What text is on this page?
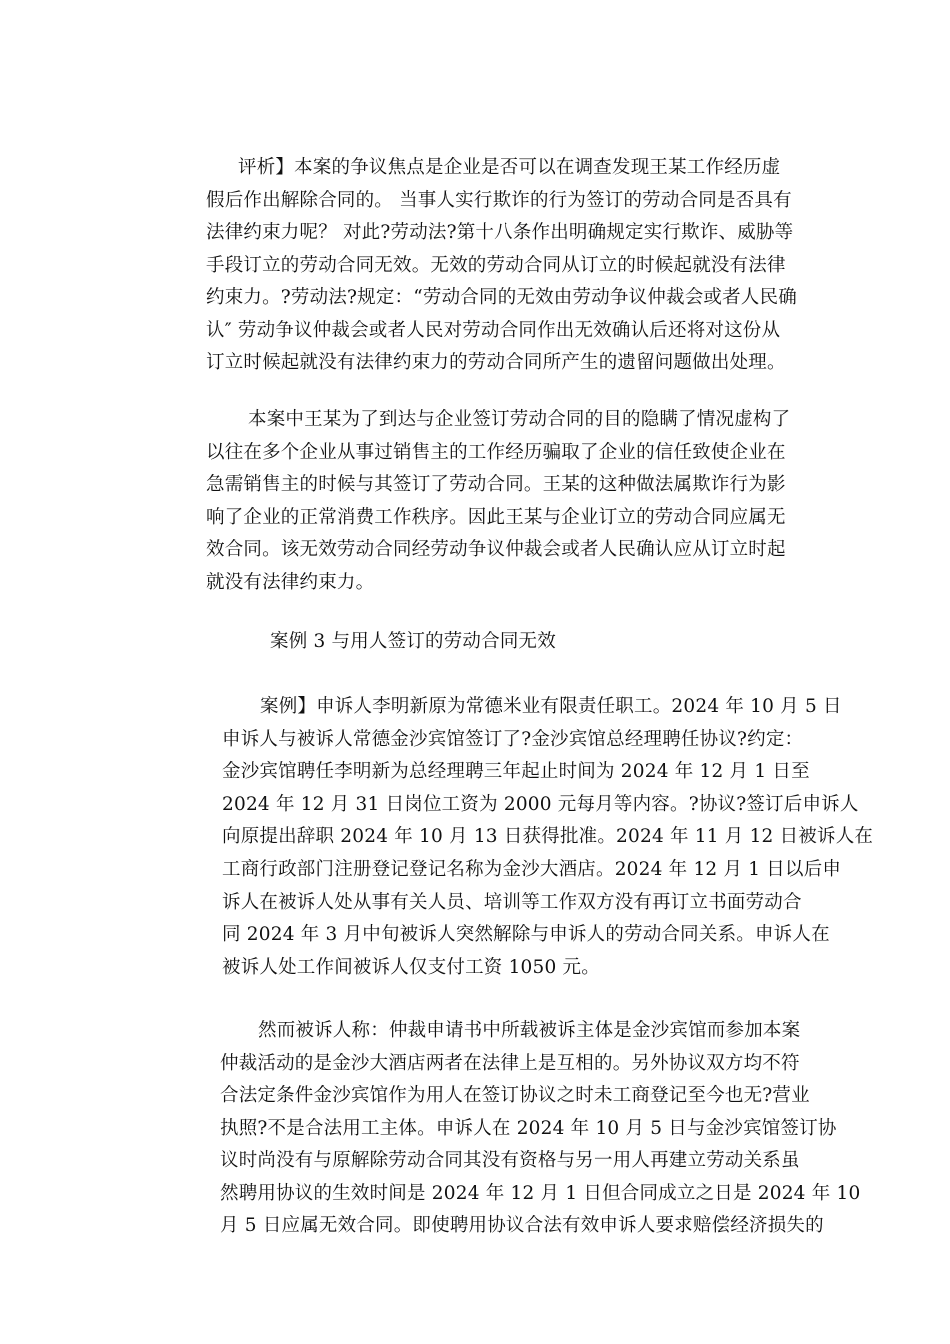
评析】本案的争议焦点是企业是否可以在调查发现王某工作经历虚
假后作出解除合同的。 当事人实行欺诈的行为签订的劳动合同是否具有
法律约束力呢？ 对此?劳动法?第十八条作出明确规定实行欺诈、威胁等
手段订立的劳动合同无效。无效的劳动合同从订立的时候起就没有法律
约束力。?劳动法?规定：“劳动合同的无效由劳动争议仲裁会或者人民确
认″ 劳动争议仲裁会或者人民对劳动合同作出无效确认后还将对这份从
订立时候起就没有法律约束力的劳动合同所产生的遗留问题做出处理。
本案中王某为了到达与企业签订劳动合同的目的隐瞒了情况虚构了
以往在多个企业从事过销售主的工作经历骗取了企业的信任致使企业在
急需销售主的时候与其签订了劳动合同。王某的这种做法属欺诈行为影
响了企业的正常消费工作秩序。因此王某与企业订立的劳动合同应属无
效合同。该无效劳动合同经劳动争议仲裁会或者人民确认应从订立时起
就没有法律约束力。
案例 3 与用人签订的劳动合同无效
案例】申诉人李明新原为常德米业有限责任职工。2024 年 10 月 5 日
申诉人与被诉人常德金沙宾馆签订了?金沙宾馆总经理聘任协议?约定：
金沙宾馆聘任李明新为总经理聘三年起止时间为 2024 年 12 月 1 日至
2024 年 12 月 31 日岗位工资为 2000 元每月等内容。?协议?签订后申诉人
向原提出辞职 2024 年 10 月 13 日获得批准。2024 年 11 月 12 日被诉人在
工商行政部门注册登记登记名称为金沙大酒店。2024 年 12 月 1 日以后申
诉人在被诉人处从事有关人员、培训等工作双方没有再订立书面劳动合
同 2024 年 3 月中旬被诉人突然解除与申诉人的劳动合同关系。申诉人在
被诉人处工作间被诉人仅支付工资 1050 元。
然而被诉人称：仲裁申请书中所载被诉主体是金沙宾馆而参加本案
仲裁活动的是金沙大酒店两者在法律上是互相的。另外协议双方均不符
合法定条件金沙宾馆作为用人在签订协议之时未工商登记至今也无?营业
执照?不是合法用工主体。申诉人在 2024 年 10 月 5 日与金沙宾馆签订协
议时尚没有与原解除劳动合同其没有资格与另一用人再建立劳动关系虽
然聘用协议的生效时间是 2024 年 12 月 1 日但合同成立之日是 2024 年 10
月 5 日应属无效合同。即使聘用协议合法有效申诉人要求赔偿经济损失的
